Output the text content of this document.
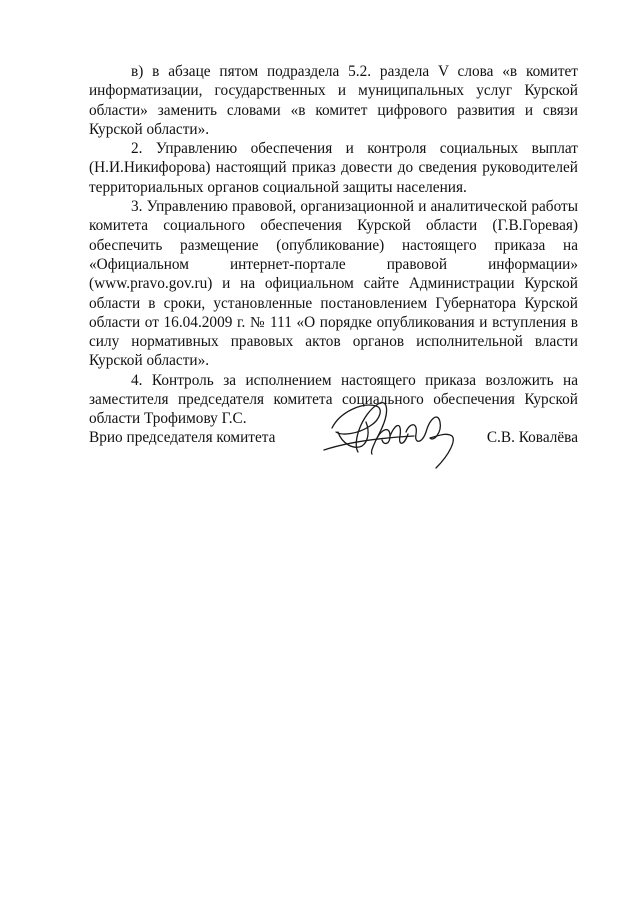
в) в абзаце пятом подраздела 5.2. раздела V слова «в комитет информатизации, государственных и муниципальных услуг Курской области» заменить словами «в комитет цифрового развития и связи Курской области».

2. Управлению обеспечения и контроля социальных выплат (Н.И.Никифорова) настоящий приказ довести до сведения руководителей территориальных органов социальной защиты населения.

3. Управлению правовой, организационной и аналитической работы комитета социального обеспечения Курской области (Г.В.Горевая) обеспечить размещение (опубликование) настоящего приказа на «Официальном интернет-портале правовой информации» (www.pravo.gov.ru) и на официальном сайте Администрации Курской области в сроки, установленные постановлением Губернатора Курской области от 16.04.2009 г. № 111 «О порядке опубликования и вступления в силу нормативных правовых актов органов исполнительной власти Курской области».

4. Контроль за исполнением настоящего приказа возложить на заместителя председателя комитета социального обеспечения Курской области Трофимову Г.С.

Врио председателя комитета	С.В. Ковалёва
